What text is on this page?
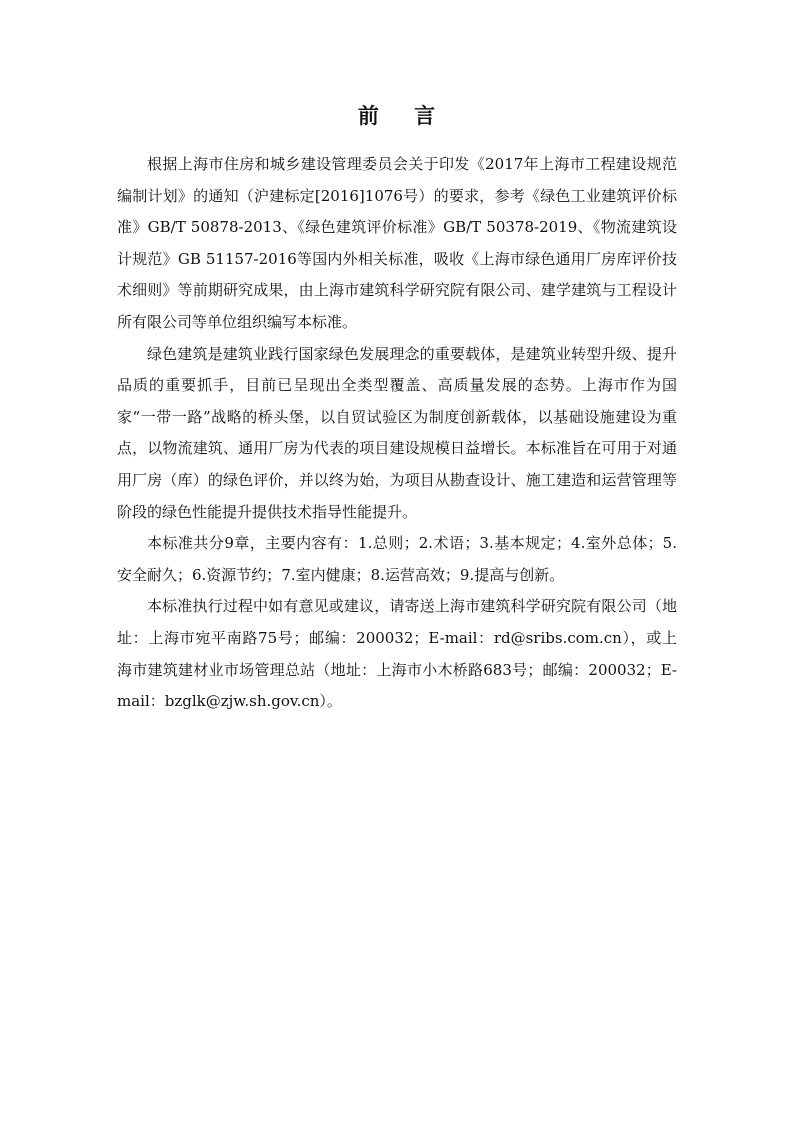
前 言

根据上海市住房和城乡建设管理委员会关于印发《2017年上海市工程建设规范编制计划》的通知（沪建标定[2016]1076号）的要求，参考《绿色工业建筑评价标准》GB/T 50878-2013、《绿色建筑评价标准》GB/T 50378-2019、《物流建筑设计规范》GB 51157-2016等国内外相关标准，吸收《上海市绿色通用厂房库评价技术细则》等前期研究成果，由上海市建筑科学研究院有限公司、建学建筑与工程设计所有限公司等单位组织编写本标准。

绿色建筑是建筑业践行国家绿色发展理念的重要载体，是建筑业转型升级、提升品质的重要抓手，目前已呈现出全类型覆盖、高质量发展的态势。上海市作为国家“一带一路”战略的桥头堡，以自贸试验区为制度创新载体，以基础设施建设为重点，以物流建筑、通用厂房为代表的项目建设规模日益增长。本标准旨在可用于对通用厂房（库）的绿色评价，并以终为始，为项目从勘查设计、施工建造和运营管理等阶段的绿色性能提升提供技术指导性能提升。

本标准共分9章，主要内容有：1.总则；2.术语；3.基本规定；4.室外总体；5.安全耐久；6.资源节约；7.室内健康；8.运营高效；9.提高与创新。

本标准执行过程中如有意见或建议，请寄送上海市建筑科学研究院有限公司（地址：上海市宛平南路75号；邮编：200032；E-mail：rd@sribs.com.cn），或上海市建筑建材业市场管理总站（地址：上海市小木桥路683号；邮编：200032；E-mail：bzglk@zjw.sh.gov.cn）。
